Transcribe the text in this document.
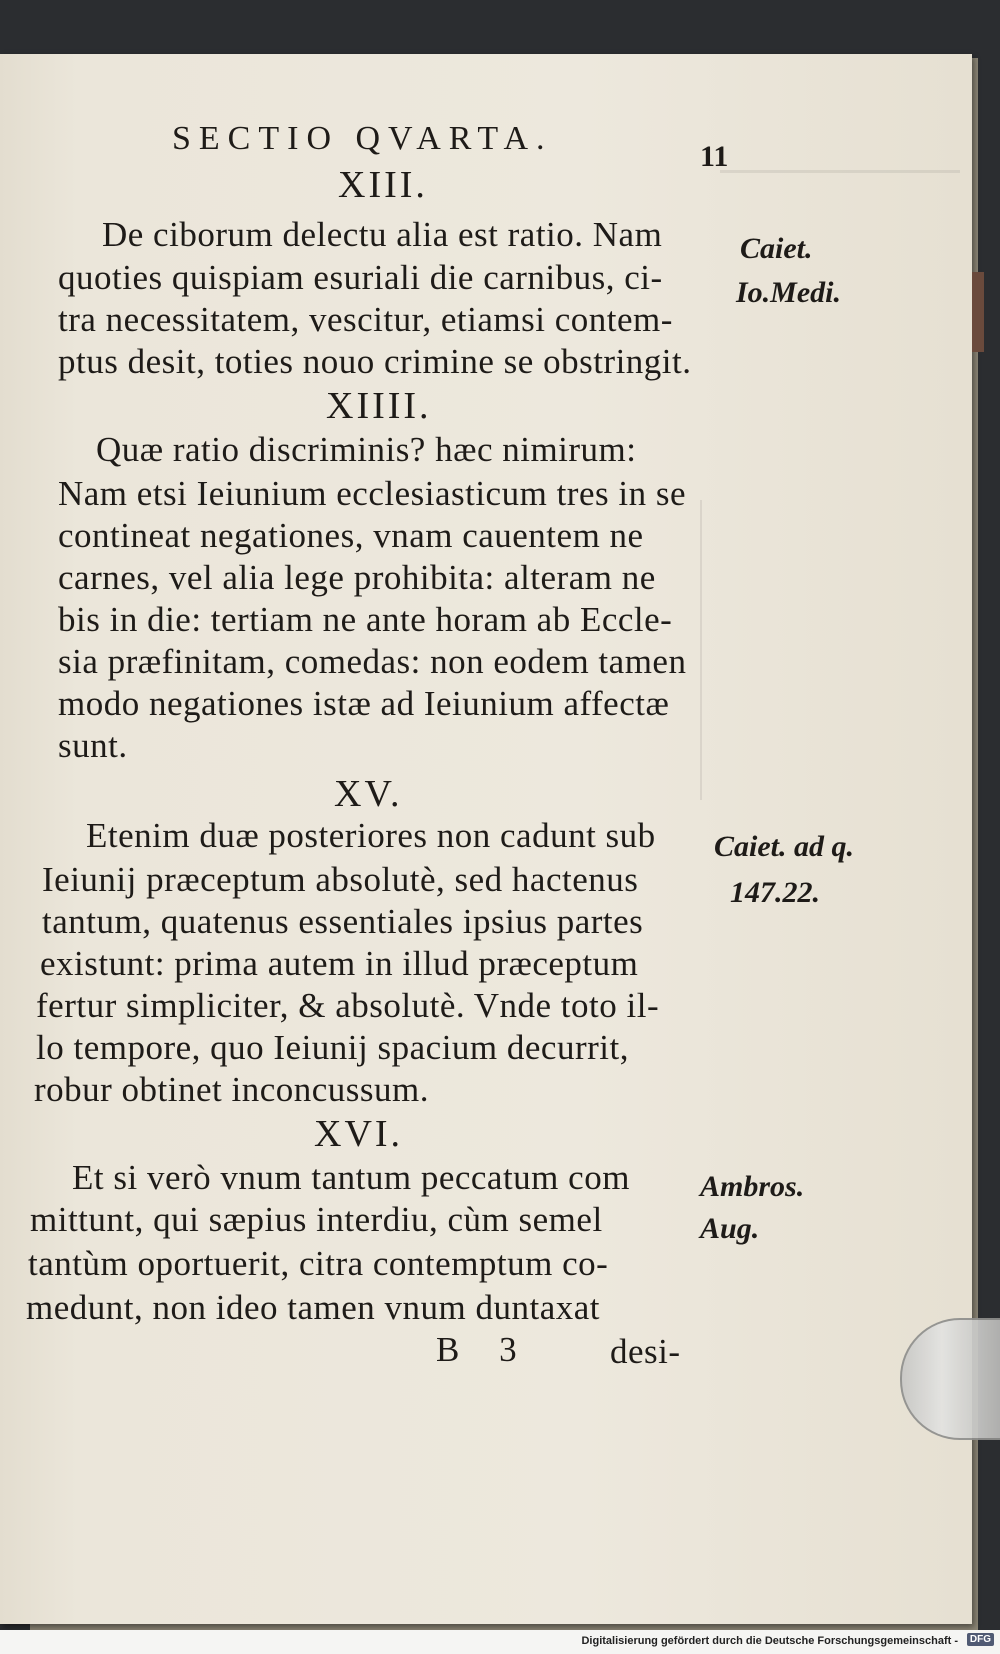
SECTIO QVARTA.	11
XIII.
De ciborum delectu alia est ratio. Nam
quoties quispiam esuriali die carnibus, ci-
tra necessitatem, vescitur, etiamsi contem-
ptus desit, toties nouo crimine se obstringit.
Caiet.
Io.Medi.
XIIII.
Quæ ratio discriminis? hæc nimirum:
Nam etsi Ieiunium ecclesiasticum tres in se
contineat negationes, vnam cauentem ne
carnes, vel alia lege prohibita: alteram ne
bis in die: tertiam ne ante horam ab Eccle-
sia præfinitam, comedas: non eodem tamen
modo negationes istæ ad Ieiunium affectæ
sunt.
XV.
Etenim duæ posteriores non cadunt sub
Ieiunij præceptum absolutè, sed hactenus
tantum, quatenus essentiales ipsius partes
existunt: prima autem in illud præceptum
fertur simpliciter, & absolutè. Vnde toto il-
lo tempore, quo Ieiunij spacium decurrit,
robur obtinet inconcussum.
Caiet. ad q.
147.22.
XVI.
Et si verò vnum tantum peccatum com
mittunt, qui sæpius interdiu, cùm semel
tantùm oportuerit, citra contemptum co-
medunt, non ideo tamen vnum duntaxat
Ambros.
Aug.
B 3	desi-
Digitalisierung gefördert durch die Deutsche Forschungsgemeinschaft -	DFG
